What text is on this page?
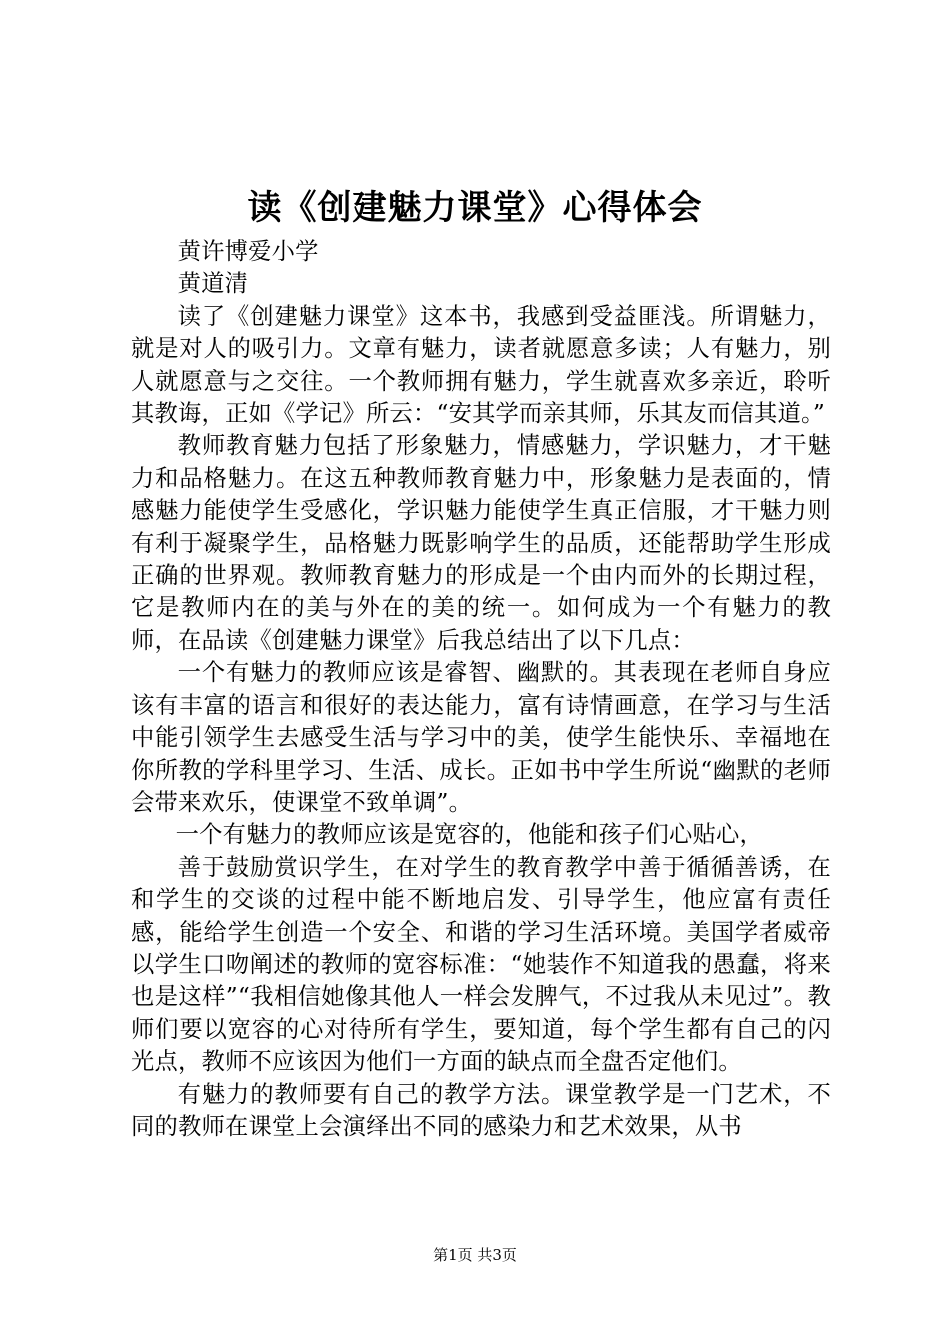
读《创建魅力课堂》心得体会

黄许博爱小学

黄道清

读了《创建魅力课堂》这本书，我感到受益匪浅。所谓魅力，就是对人的吸引力。文章有魅力，读者就愿意多读；人有魅力，别人就愿意与之交往。一个教师拥有魅力，学生就喜欢多亲近，聆听其教诲，正如《学记》所云：“安其学而亲其师，乐其友而信其道。”

教师教育魅力包括了形象魅力，情感魅力，学识魅力，才干魅力和品格魅力。在这五种教师教育魅力中，形象魅力是表面的，情感魅力能使学生受感化，学识魅力能使学生真正信服，才干魅力则有利于凝聚学生，品格魅力既影响学生的品质，还能帮助学生形成正确的世界观。教师教育魅力的形成是一个由内而外的长期过程，它是教师内在的美与外在的美的统一。如何成为一个有魅力的教师，在品读《创建魅力课堂》后我总结出了以下几点：

一个有魅力的教师应该是睿智、幽默的。其表现在老师自身应该有丰富的语言和很好的表达能力，富有诗情画意，在学习与生活中能引领学生去感受生活与学习中的美，使学生能快乐、幸福地在你所教的学科里学习、生活、成长。正如书中学生所说“幽默的老师会带来欢乐，使课堂不致单调”。

一个有魅力的教师应该是宽容的，他能和孩子们心贴心，

善于鼓励赏识学生，在对学生的教育教学中善于循循善诱，在和学生的交谈的过程中能不断地启发、引导学生，他应富有责任感，能给学生创造一个安全、和谐的学习生活环境。美国学者威帝以学生口吻阐述的教师的宽容标准：“她装作不知道我的愚蠢，将来也是这样”“我相信她像其他人一样会发脾气，不过我从未见过”。教师们要以宽容的心对待所有学生，要知道，每个学生都有自己的闪光点，教师不应该因为他们一方面的缺点而全盘否定他们。

有魅力的教师要有自己的教学方法。课堂教学是一门艺术，不同的教师在课堂上会演绎出不同的感染力和艺术效果，从书

第1页 共3页
